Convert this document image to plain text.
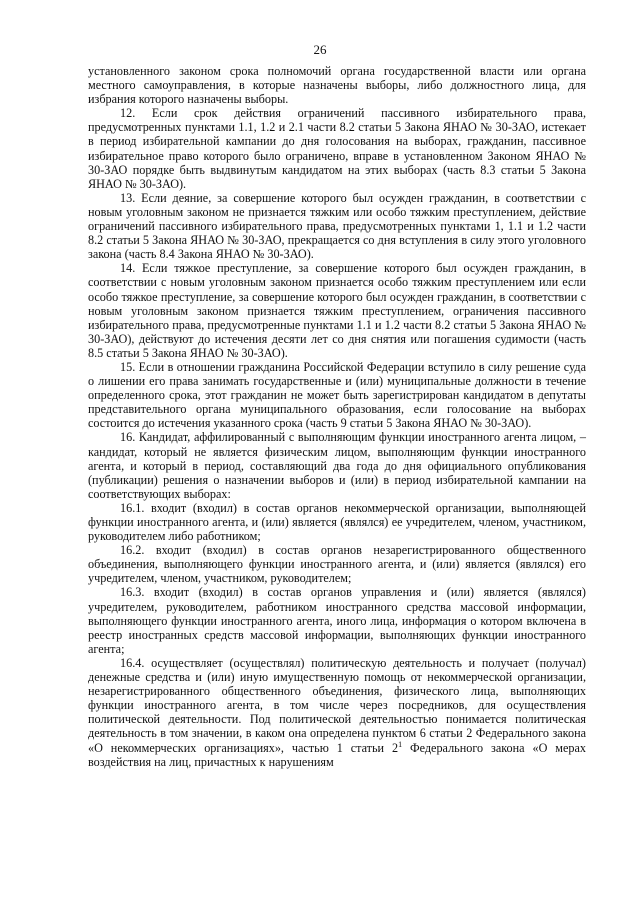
26

установленного законом срока полномочий органа государственной власти или органа местного самоуправления, в которые назначены выборы, либо должностного лица, для избрания которого назначены выборы.

12. Если срок действия ограничений пассивного избирательного права, предусмотренных пунктами 1.1, 1.2 и 2.1 части 8.2 статьи 5 Закона ЯНАО № 30-ЗАО, истекает в период избирательной кампании до дня голосования на выборах, гражданин, пассивное избирательное право которого было ограничено, вправе в установленном Законом ЯНАО № 30-ЗАО порядке быть выдвинутым кандидатом на этих выборах (часть 8.3 статьи 5 Закона ЯНАО № 30-ЗАО).

13. Если деяние, за совершение которого был осужден гражданин, в соответствии с новым уголовным законом не признается тяжким или особо тяжким преступлением, действие ограничений пассивного избирательного права, предусмотренных пунктами 1, 1.1 и 1.2 части 8.2 статьи 5 Закона ЯНАО № 30-ЗАО, прекращается со дня вступления в силу этого уголовного закона (часть 8.4 Закона ЯНАО № 30-ЗАО).

14. Если тяжкое преступление, за совершение которого был осужден гражданин, в соответствии с новым уголовным законом признается особо тяжким преступлением или если особо тяжкое преступление, за совершение которого был осужден гражданин, в соответствии с новым уголовным законом признается тяжким преступлением, ограничения пассивного избирательного права, предусмотренные пунктами 1.1 и 1.2 части 8.2 статьи 5 Закона ЯНАО № 30-ЗАО), действуют до истечения десяти лет со дня снятия или погашения судимости (часть 8.5 статьи 5 Закона ЯНАО № 30-ЗАО).

15. Если в отношении гражданина Российской Федерации вступило в силу решение суда о лишении его права занимать государственные и (или) муниципальные должности в течение определенного срока, этот гражданин не может быть зарегистрирован кандидатом в депутаты представительного органа муниципального образования, если голосование на выборах состоится до истечения указанного срока (часть 9 статьи 5 Закона ЯНАО № 30-ЗАО).

16. Кандидат, аффилированный с выполняющим функции иностранного агента лицом, – кандидат, который не является физическим лицом, выполняющим функции иностранного агента, и который в период, составляющий два года до дня официального опубликования (публикации) решения о назначении выборов и (или) в период избирательной кампании на соответствующих выборах:

16.1. входит (входил) в состав органов некоммерческой организации, выполняющей функции иностранного агента, и (или) является (являлся) ее учредителем, членом, участником, руководителем либо работником;

16.2. входит (входил) в состав органов незарегистрированного общественного объединения, выполняющего функции иностранного агента, и (или) является (являлся) его учредителем, членом, участником, руководителем;

16.3. входит (входил) в состав органов управления и (или) является (являлся) учредителем, руководителем, работником иностранного средства массовой информации, выполняющего функции иностранного агента, иного лица, информация о котором включена в реестр иностранных средств массовой информации, выполняющих функции иностранного агента;

16.4. осуществляет (осуществлял) политическую деятельность и получает (получал) денежные средства и (или) иную имущественную помощь от некоммерческой организации, незарегистрированного общественного объединения, физического лица, выполняющих функции иностранного агента, в том числе через посредников, для осуществления политической деятельности. Под политической деятельностью понимается политическая деятельность в том значении, в каком она определена пунктом 6 статьи 2 Федерального закона «О некоммерческих организациях», частью 1 статьи $2^1$ Федерального закона «О мерах воздействия на лиц, причастных к нарушениям
